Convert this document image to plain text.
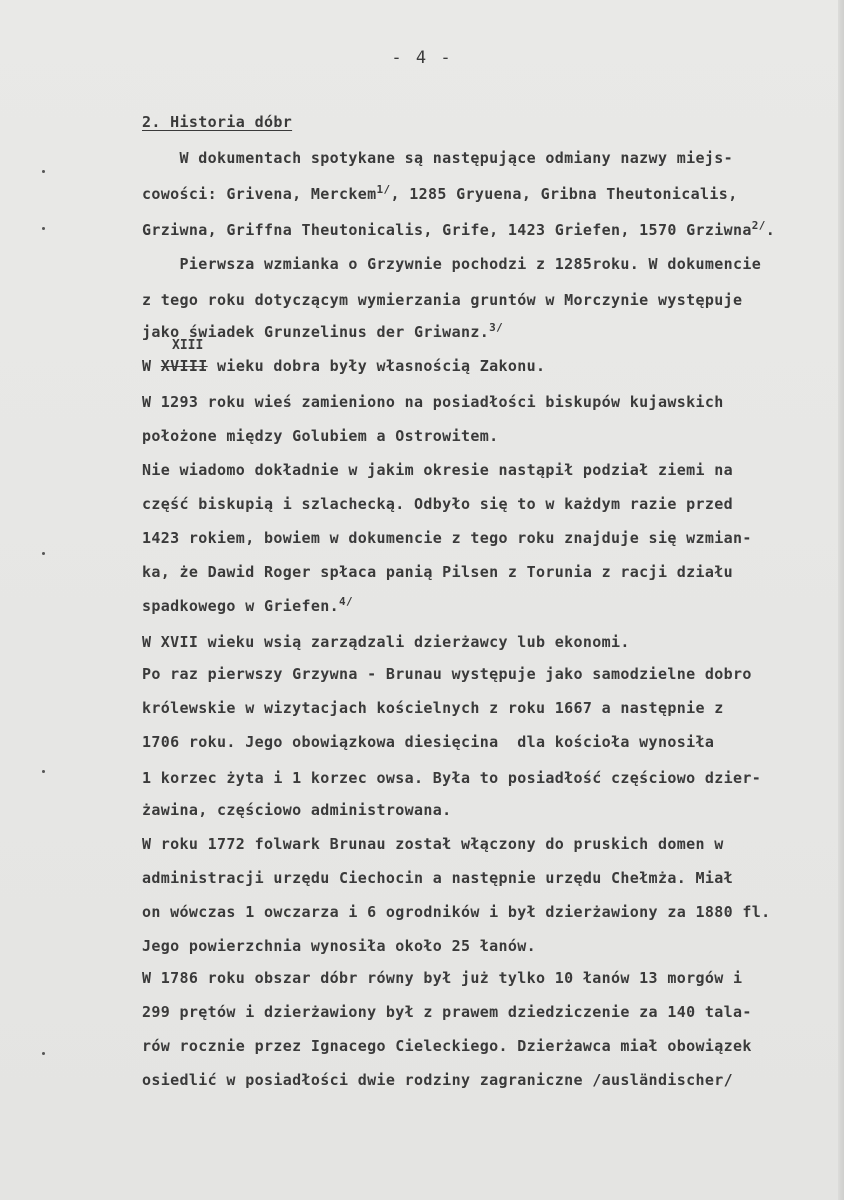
- 4 -
2. Historia dóbr
XIII
W dokumentach spotykane są następujące odmiany nazwy miejs-
cowości: Grivena, Merckem$^{1/}$, 1285 Gryuena, Gribna Theutonicalis,
Grziwna, Griffna Theutonicalis, Grife, 1423 Griefen, 1570 Grziwna$^{2/}$.
Pierwsza wzmianka o Grzywnie pochodzi z 1285roku. W dokumencie
z tego roku dotyczącym wymierzania gruntów w Morczynie występuje
jako świadek Grunzelinus der Griwanz.$^{3/}$
W XVIII wieku dobra były własnością Zakonu.
W 1293 roku wieś zamieniono na posiadłości biskupów kujawskich
położone między Golubiem a Ostrowitem.
Nie wiadomo dokładnie w jakim okresie nastąpił podział ziemi na
część biskupią i szlachecką. Odbyło się to w każdym razie przed
1423 rokiem, bowiem w dokumencie z tego roku znajduje się wzmian-
ka, że Dawid Roger spłaca panią Pilsen z Torunia z racji działu
spadkowego w Griefen.$^{4/}$
W XVII wieku wsią zarządzali dzierżawcy lub ekonomi.
Po raz pierwszy Grzywna - Brunau występuje jako samodzielne dobro
królewskie w wizytacjach kościelnych z roku 1667 a następnie z
1706 roku. Jego obowiązkowa diesięcina  dla kościoła wynosiła
1 korzec żyta i 1 korzec owsa. Była to posiadłość częściowo dzier-
żawina, częściowo administrowana.
W roku 1772 folwark Brunau został włączony do pruskich domen w
administracji urzędu Ciechocin a następnie urzędu Chełmża. Miał
on wówczas 1 owczarza i 6 ogrodników i był dzierżawiony za 1880 fl.
Jego powierzchnia wynosiła około 25 łanów.
W 1786 roku obszar dóbr równy był już tylko 10 łanów 13 morgów i
299 prętów i dzierżawiony był z prawem dziedziczenie za 140 tala-
rów rocznie przez Ignacego Cieleckiego. Dzierżawca miał obowiązek
osiedlić w posiadłości dwie rodziny zagraniczne /ausländischer/
